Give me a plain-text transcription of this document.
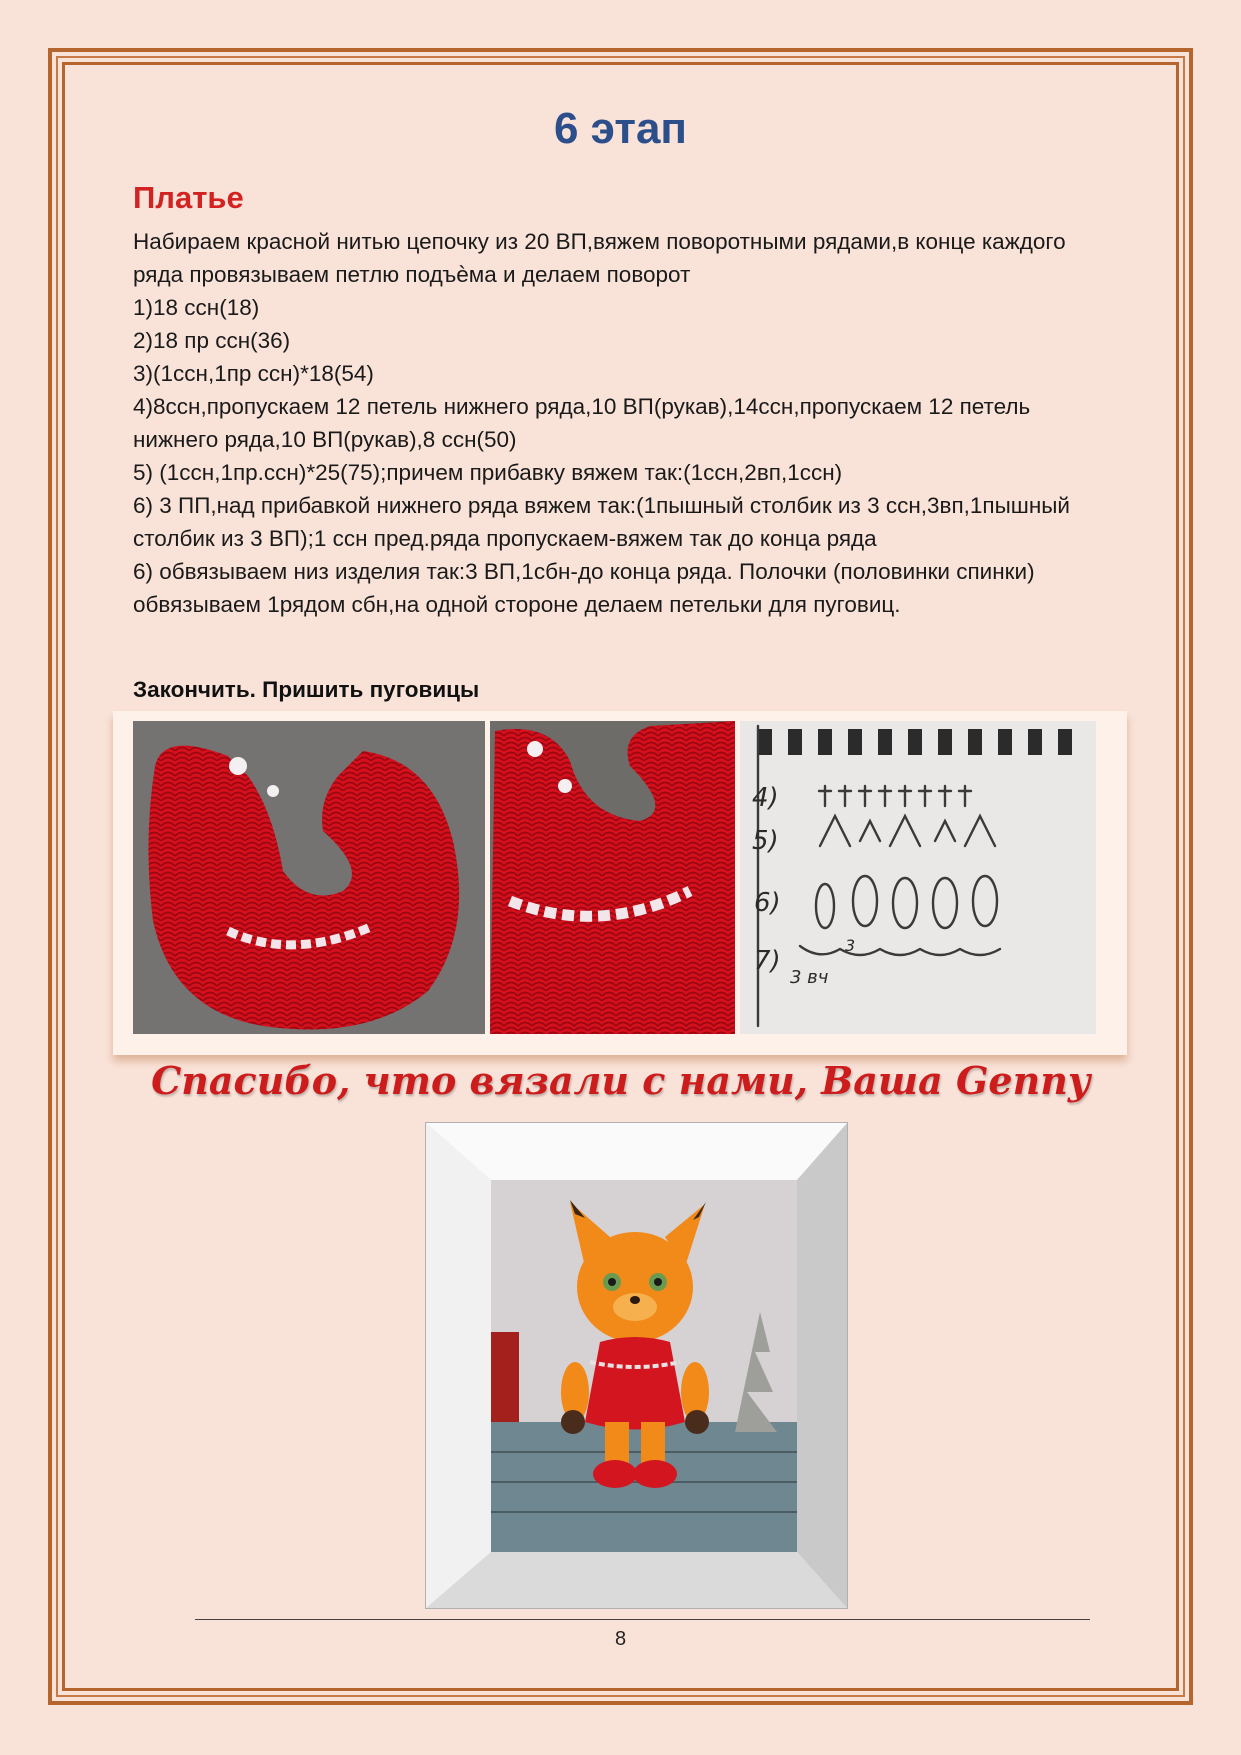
6 этап
Платье

Набираем красной нитью цепочку из 20 ВП,вяжем поворотными рядами,в конце каждого ряда провязываем петлю подъѐма и делаем поворот

1)18 ссн(18)

2)18 пр ссн(36)

3)(1ссн,1пр ссн)*18(54)

4)8ссн,пропускаем 12 петель нижнего ряда,10 ВП(рукав),14ссн,пропускаем 12 петель нижнего ряда,10 ВП(рукав),8 ссн(50)

5) (1ссн,1пр.ссн)*25(75);причем прибавку вяжем так:(1ссн,2вп,1ссн)

6) 3 ПП,над прибавкой нижнего ряда вяжем так:(1пышный столбик из 3 ссн,3вп,1пышный столбик из 3 ВП);1 ссн пред.ряда пропускаем-вяжем так до конца ряда

6) обвязываем низ изделия так:3 ВП,1сбн-до конца ряда. Полочки (половинки спинки) обвязываем 1рядом сбн,на одной стороне делаем петельки для пуговиц.

Закончить. Пришить пуговицы

4)
5)
6)
7)
3
3 вч

Спасибо, что вязали с нами, Ваша Genny

8
